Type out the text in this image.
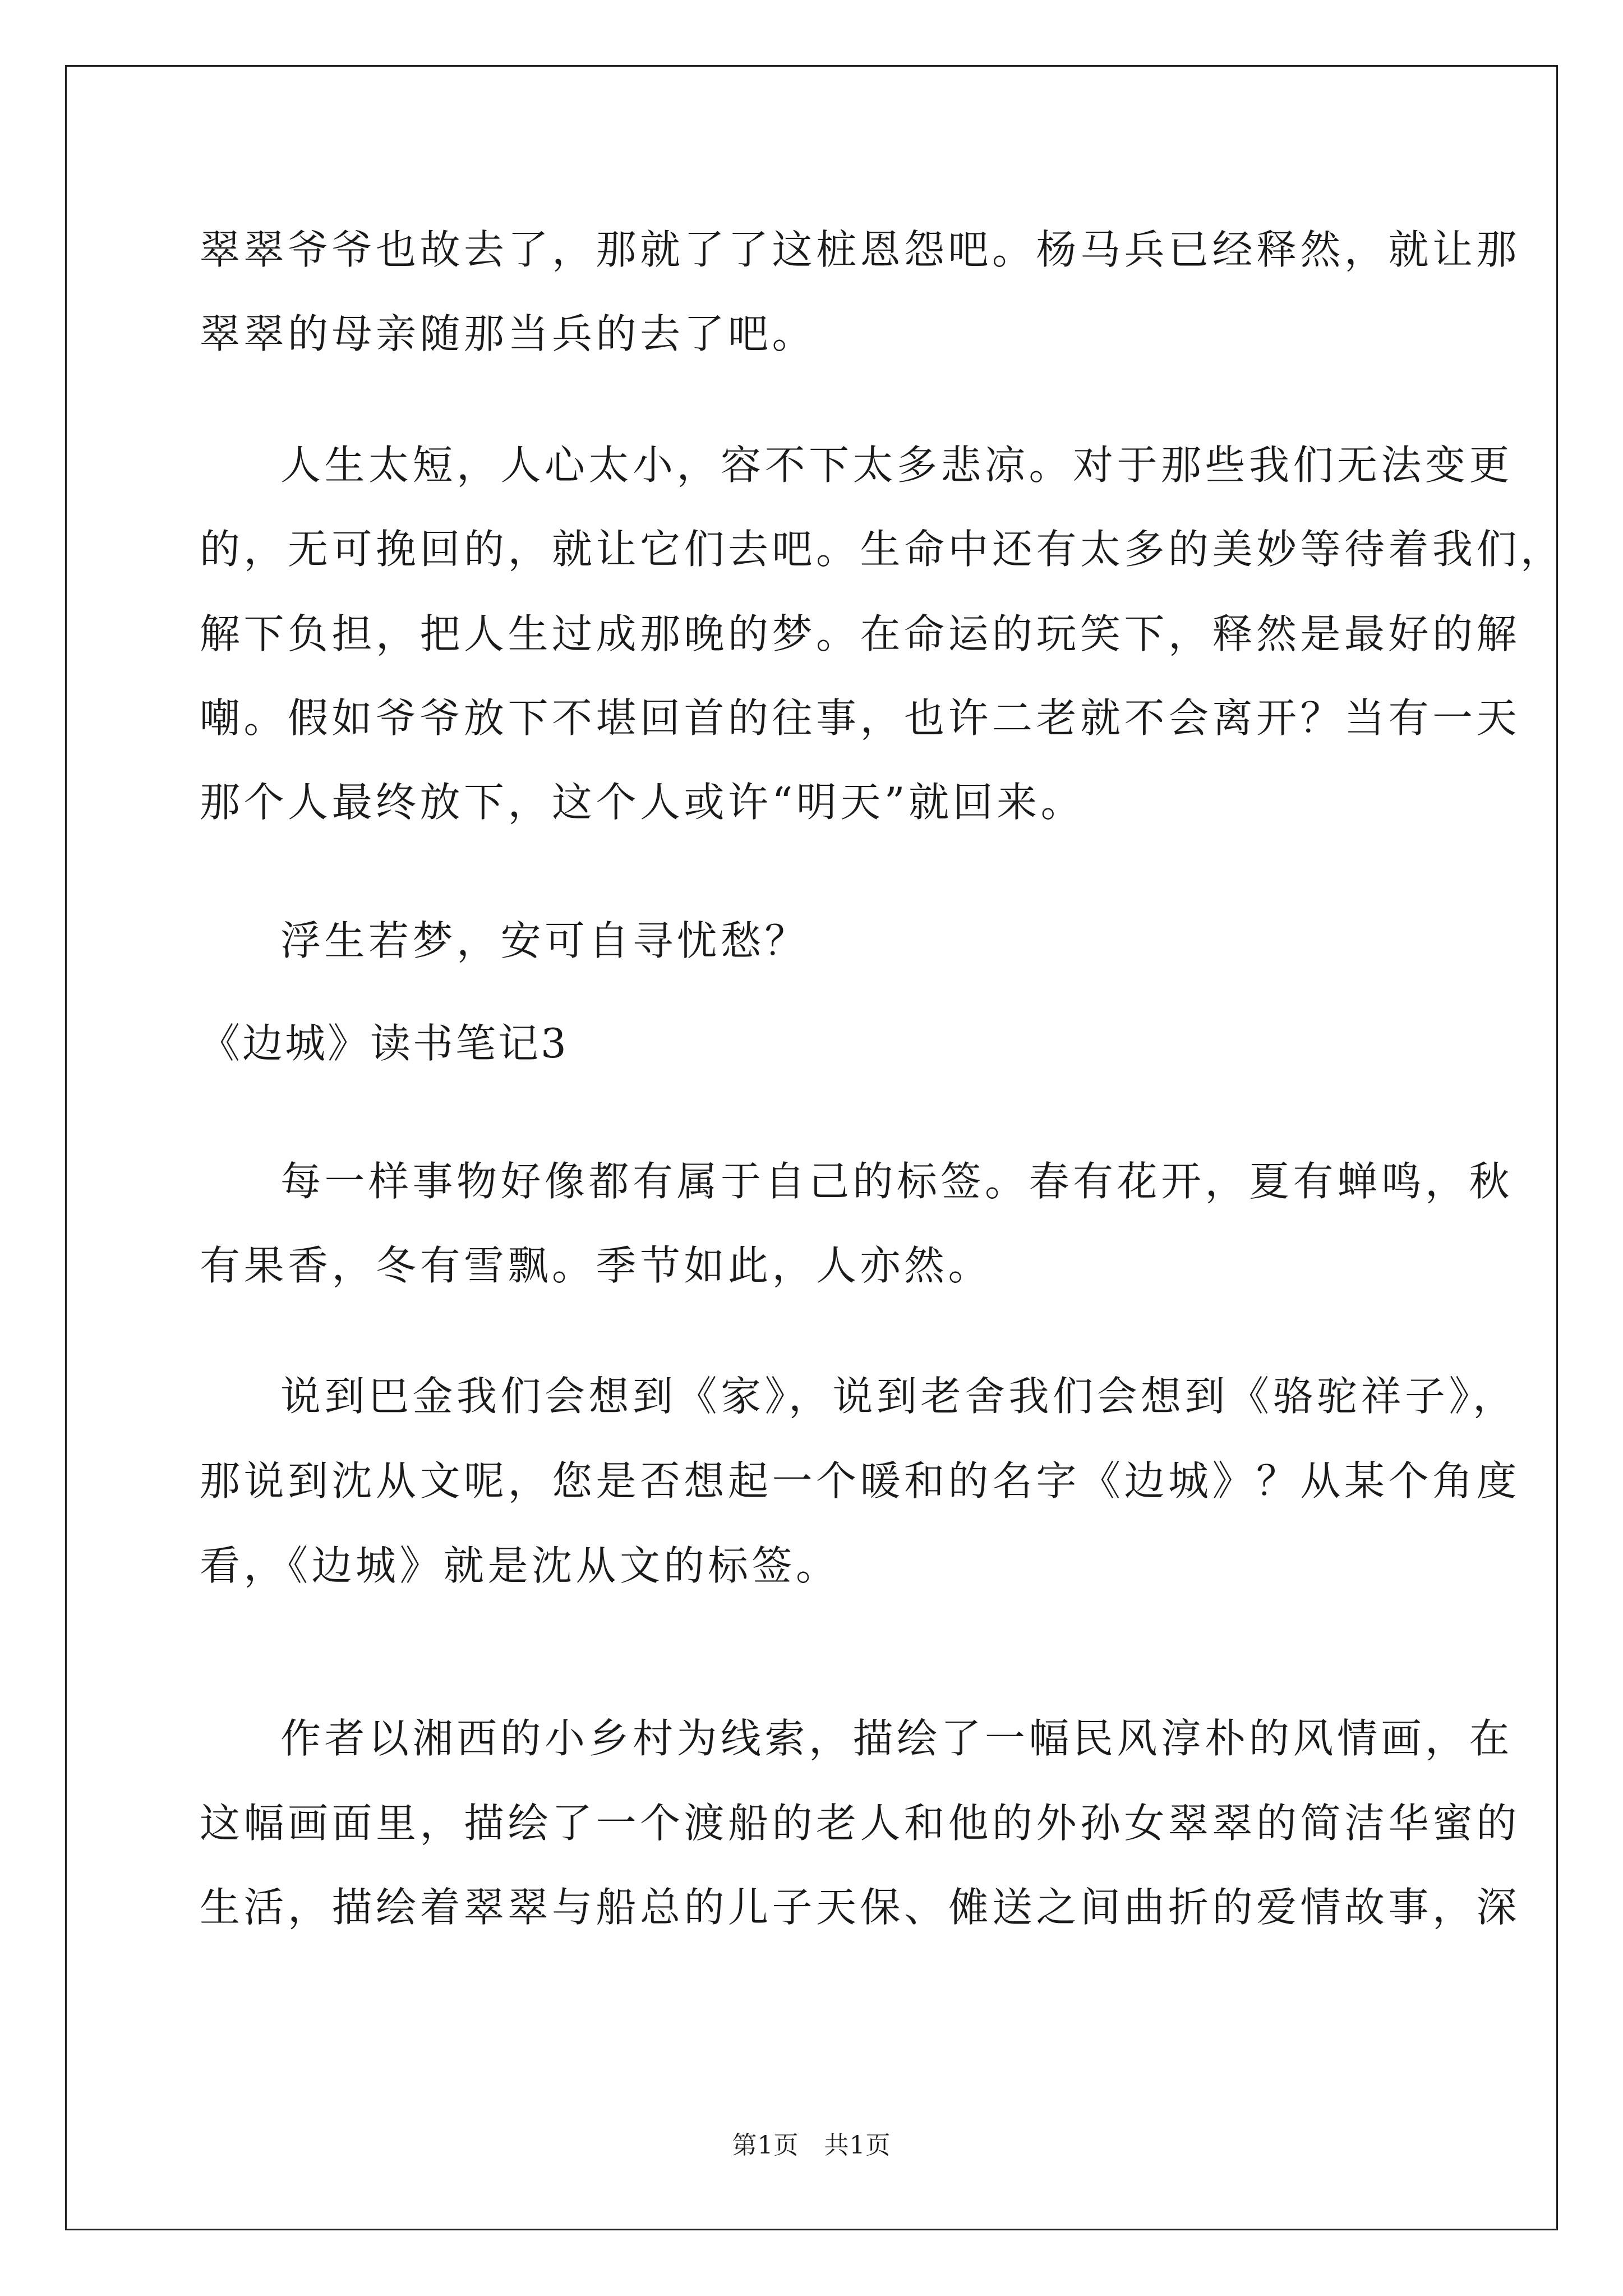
翠翠爷爷也故去了，那就了了这桩恩怨吧。杨马兵已经释然，就让那
翠翠的母亲随那当兵的去了吧。
人生太短，人心太小，容不下太多悲凉。对于那些我们无法变更
的，无可挽回的，就让它们去吧。生命中还有太多的美妙等待着我们，
解下负担，把人生过成那晚的梦。在命运的玩笑下，释然是最好的解
嘲。假如爷爷放下不堪回首的往事，也许二老就不会离开？当有一天
那个人最终放下，这个人或许“明天”就回来。
浮生若梦，安可自寻忧愁？
《边城》读书笔记3
每一样事物好像都有属于自己的标签。春有花开，夏有蝉鸣，秋
有果香，冬有雪飘。季节如此，人亦然。
说到巴金我们会想到《家》，说到老舍我们会想到《骆驼祥子》，
那说到沈从文呢，您是否想起一个暖和的名字《边城》？从某个角度
看，《边城》就是沈从文的标签。
作者以湘西的小乡村为线索，描绘了一幅民风淳朴的风情画，在
这幅画面里，描绘了一个渡船的老人和他的外孙女翠翠的简洁华蜜的
生活，描绘着翠翠与船总的儿子天保、傩送之间曲折的爱情故事，深
第1页　共1页
